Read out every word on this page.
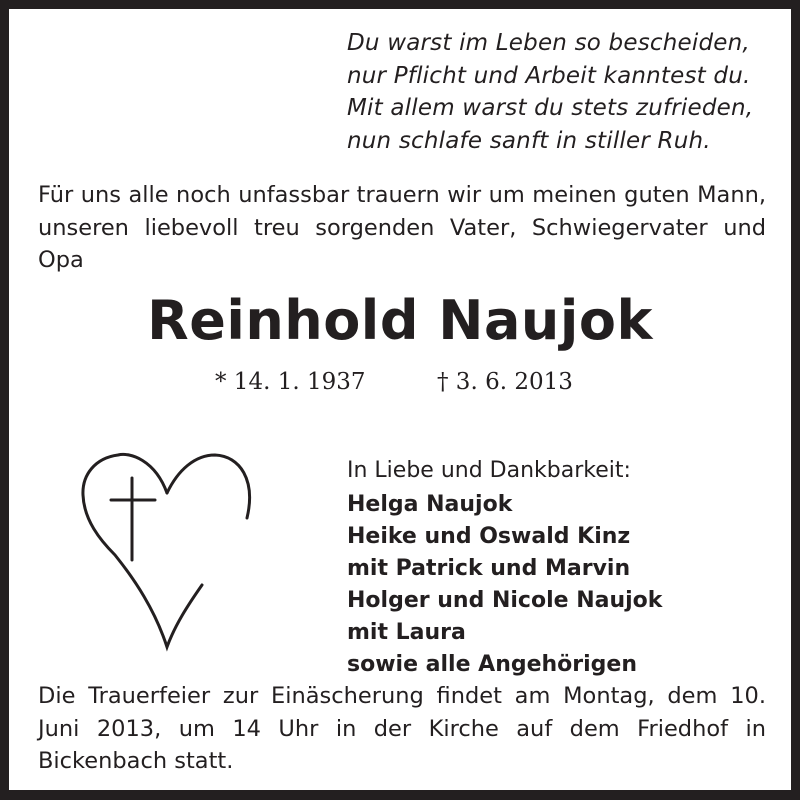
Du warst im Leben so bescheiden,
nur Pflicht und Arbeit kanntest du.
Mit allem warst du stets zufrieden,
nun schlafe sanft in stiller Ruh.
Für uns alle noch unfassbar trauern wir um meinen guten Mann, unseren liebevoll treu sorgenden Vater, Schwiegervater und Opa
Reinhold Naujok
* 14. 1. 1937	† 3. 6. 2013
In Liebe und Dankbarkeit:
Helga Naujok
Heike und Oswald Kinz
mit Patrick und Marvin
Holger und Nicole Naujok
mit Laura
sowie alle Angehörigen
Die Trauerfeier zur Einäscherung findet am Montag, dem 10. Juni 2013, um 14 Uhr in der Kirche auf dem Friedhof in Bickenbach statt.
